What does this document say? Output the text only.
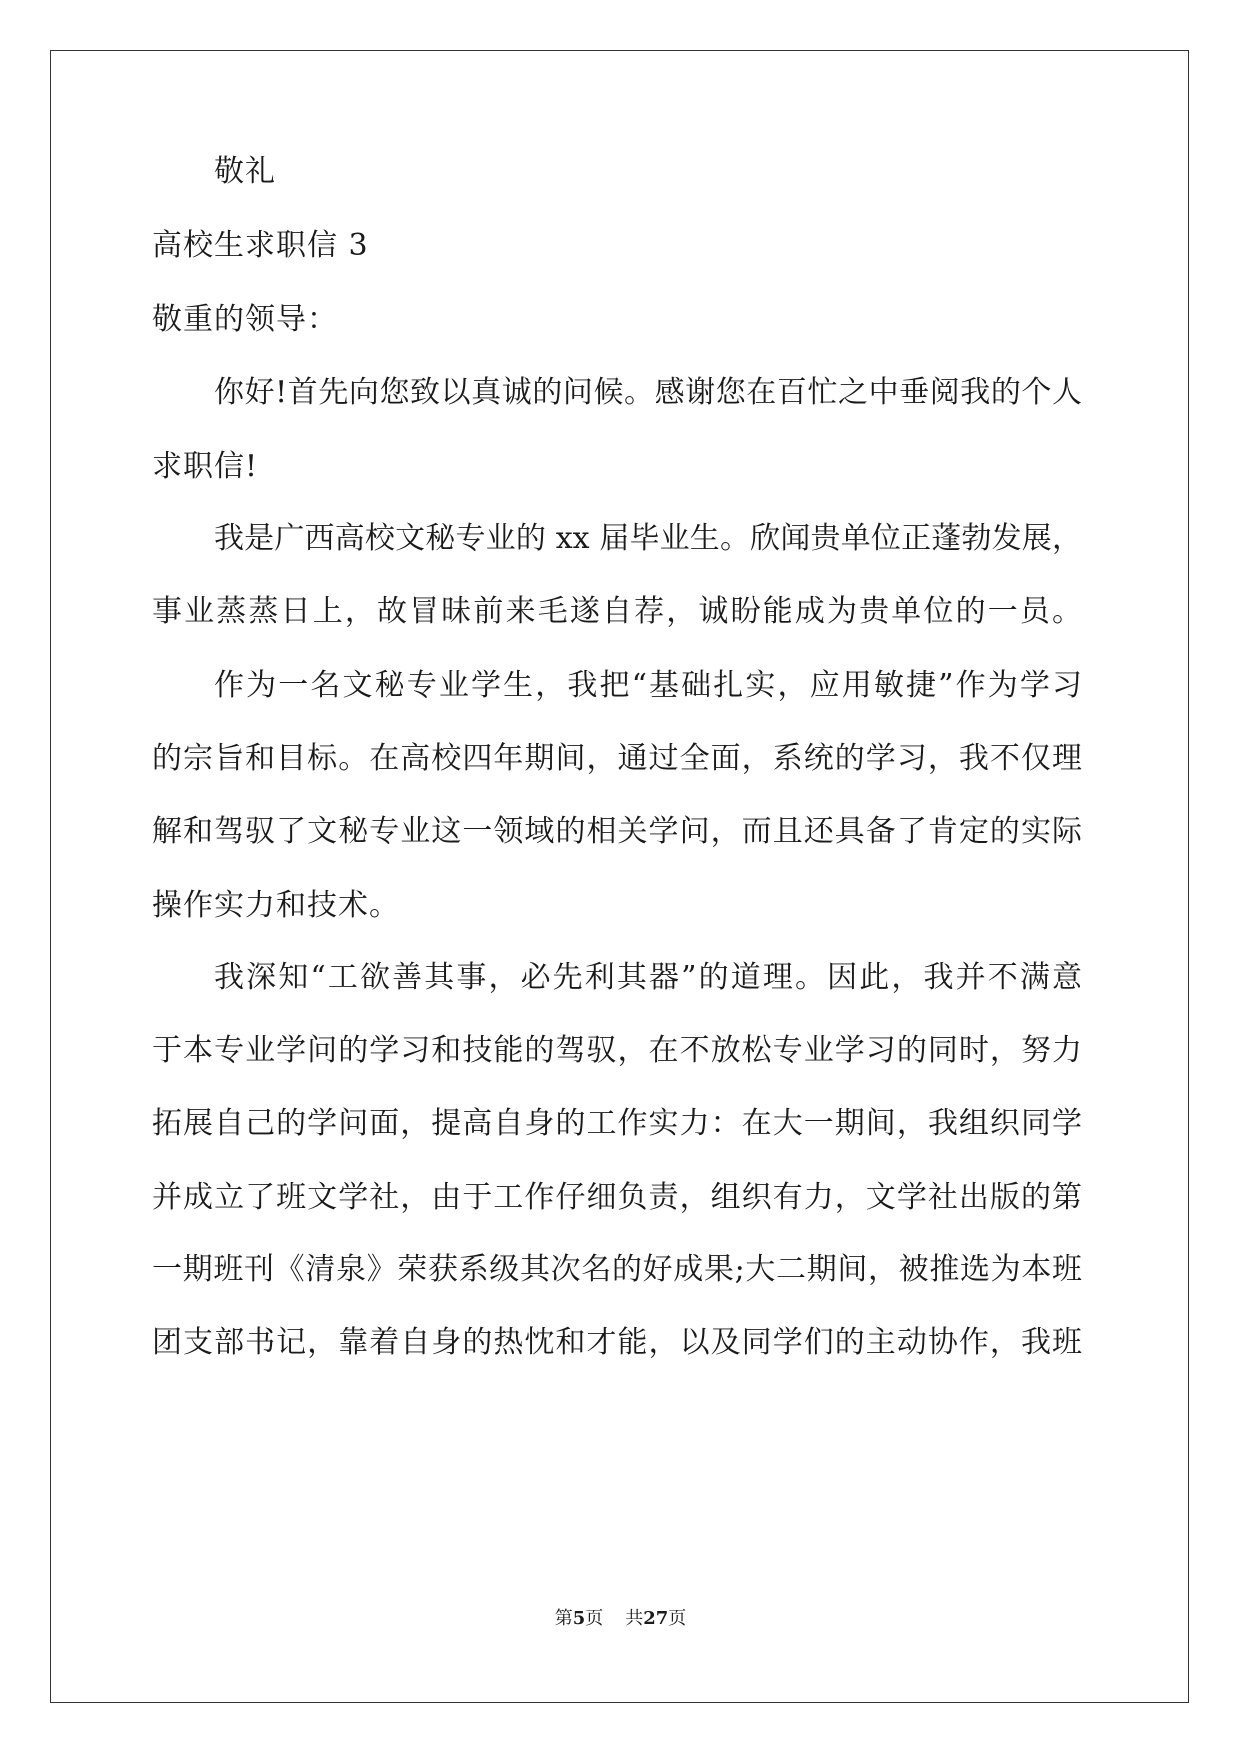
敬礼
高校生求职信 3
敬重的领导：
你好!首先向您致以真诚的问候。感谢您在百忙之中垂阅我的个人
求职信!
我是广西高校文秘专业的 xx 届毕业生。欣闻贵单位正蓬勃发展，
事业蒸蒸日上，故冒昧前来毛遂自荐，诚盼能成为贵单位的一员。
作为一名文秘专业学生，我把“基础扎实，应用敏捷”作为学习
的宗旨和目标。在高校四年期间，通过全面，系统的学习，我不仅理
解和驾驭了文秘专业这一领域的相关学问，而且还具备了肯定的实际
操作实力和技术。
我深知“工欲善其事，必先利其器”的道理。因此，我并不满意
于本专业学问的学习和技能的驾驭，在不放松专业学习的同时，努力
拓展自己的学问面，提高自身的工作实力：在大一期间，我组织同学
并成立了班文学社，由于工作仔细负责，组织有力，文学社出版的第
一期班刊《清泉》荣获系级其次名的好成果;大二期间，被推选为本班
团支部书记，靠着自身的热忱和才能，以及同学们的主动协作，我班
第5页 共27页
